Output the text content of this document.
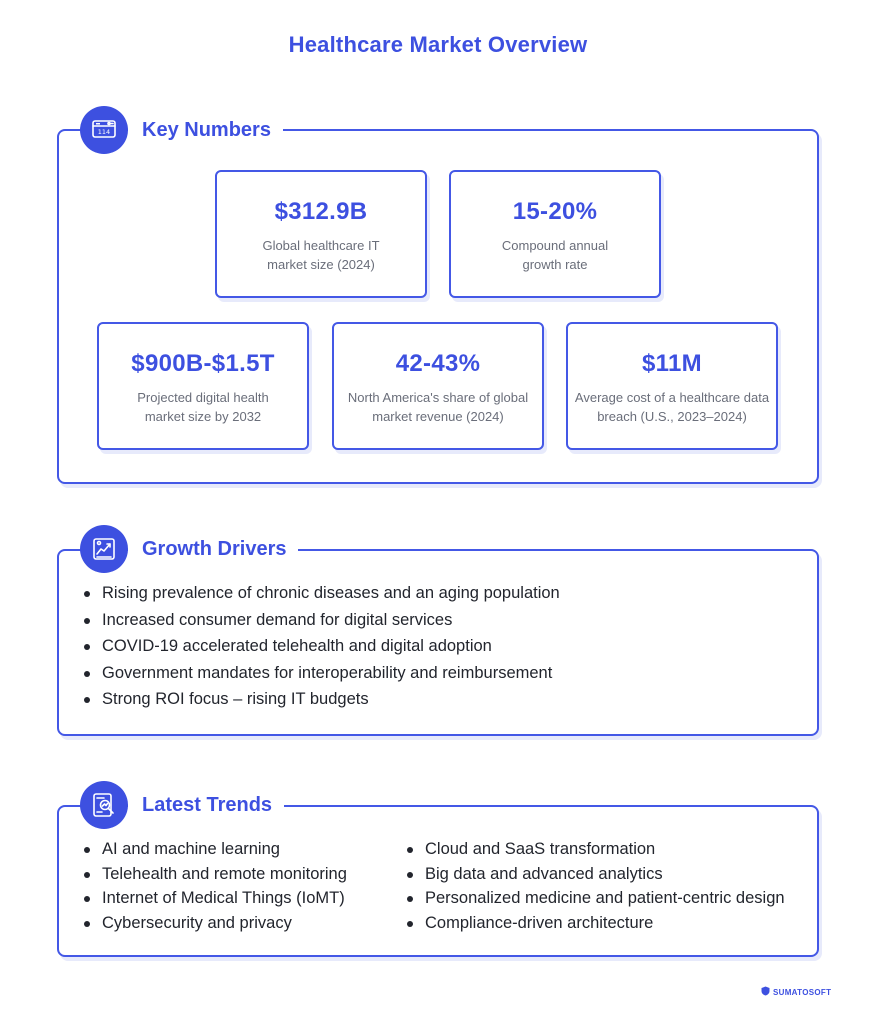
Healthcare Market Overview
114	Key Numbers
$312.9B
Global healthcare IT market size (2024)
15-20%
Compound annual growth rate
$900B-$1.5T
Projected digital health market size by 2032
42-43%
North America's share of global market revenue (2024)
$11M
Average cost of a healthcare data breach (U.S., 2023–2024)
Growth Drivers
Rising prevalence of chronic diseases and an aging population
Increased consumer demand for digital services
COVID-19 accelerated telehealth and digital adoption
Government mandates for interoperability and reimbursement
Strong ROI focus – rising IT budgets
Latest Trends
AI and machine learning
Telehealth and remote monitoring
Internet of Medical Things (IoMT)
Cybersecurity and privacy
Cloud and SaaS transformation
Big data and advanced analytics
Personalized medicine and patient-centric design
Compliance-driven architecture
SUMATOSOFT
